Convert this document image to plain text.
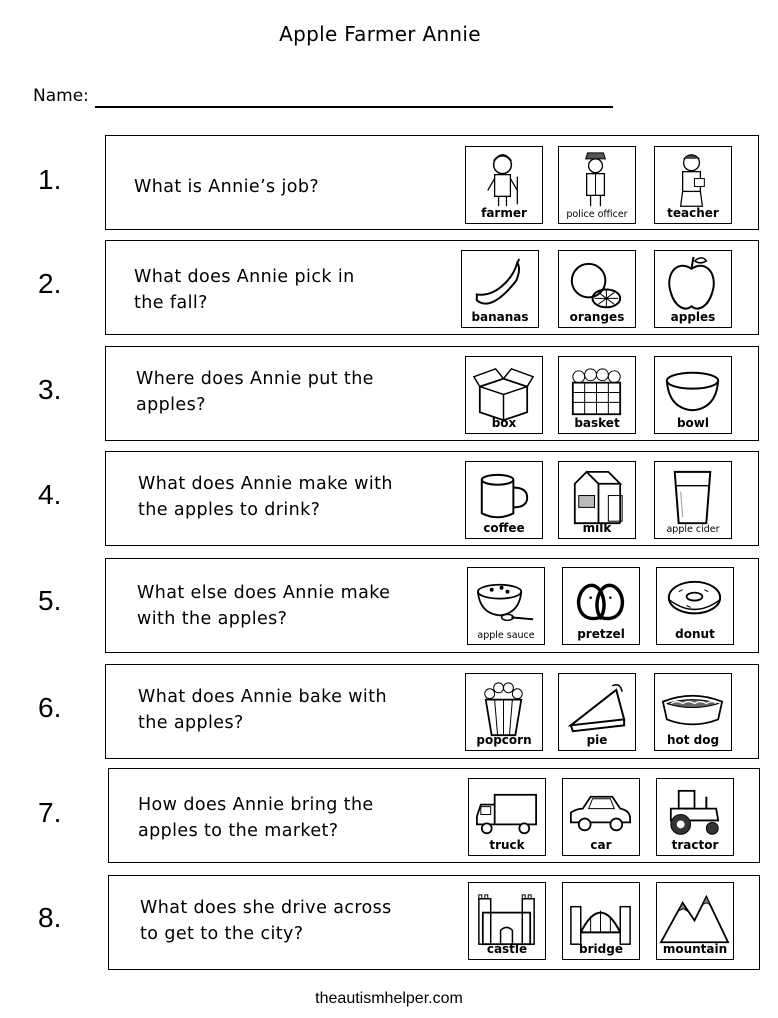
Apple Farmer Annie
Name:
1.	What is Annie’s job?
farmer	police officer	teacher
2.	What does Annie pick in
the fall?
bananas	oranges	apples
3.	Where does Annie put the
apples?
box	basket	bowl
4.	What does Annie make with
the apples to drink?
coffee	milk	apple cider
5.	What else does Annie make
with the apples?
apple sauce	pretzel	donut
6.	What does Annie bake with
the apples?
popcorn	pie	hot dog
7.	How does Annie bring the
apples to the market?
truck	car	tractor
8.	What does she drive across
to get to the city?
castle	bridge	mountain
theautismhelper.com
